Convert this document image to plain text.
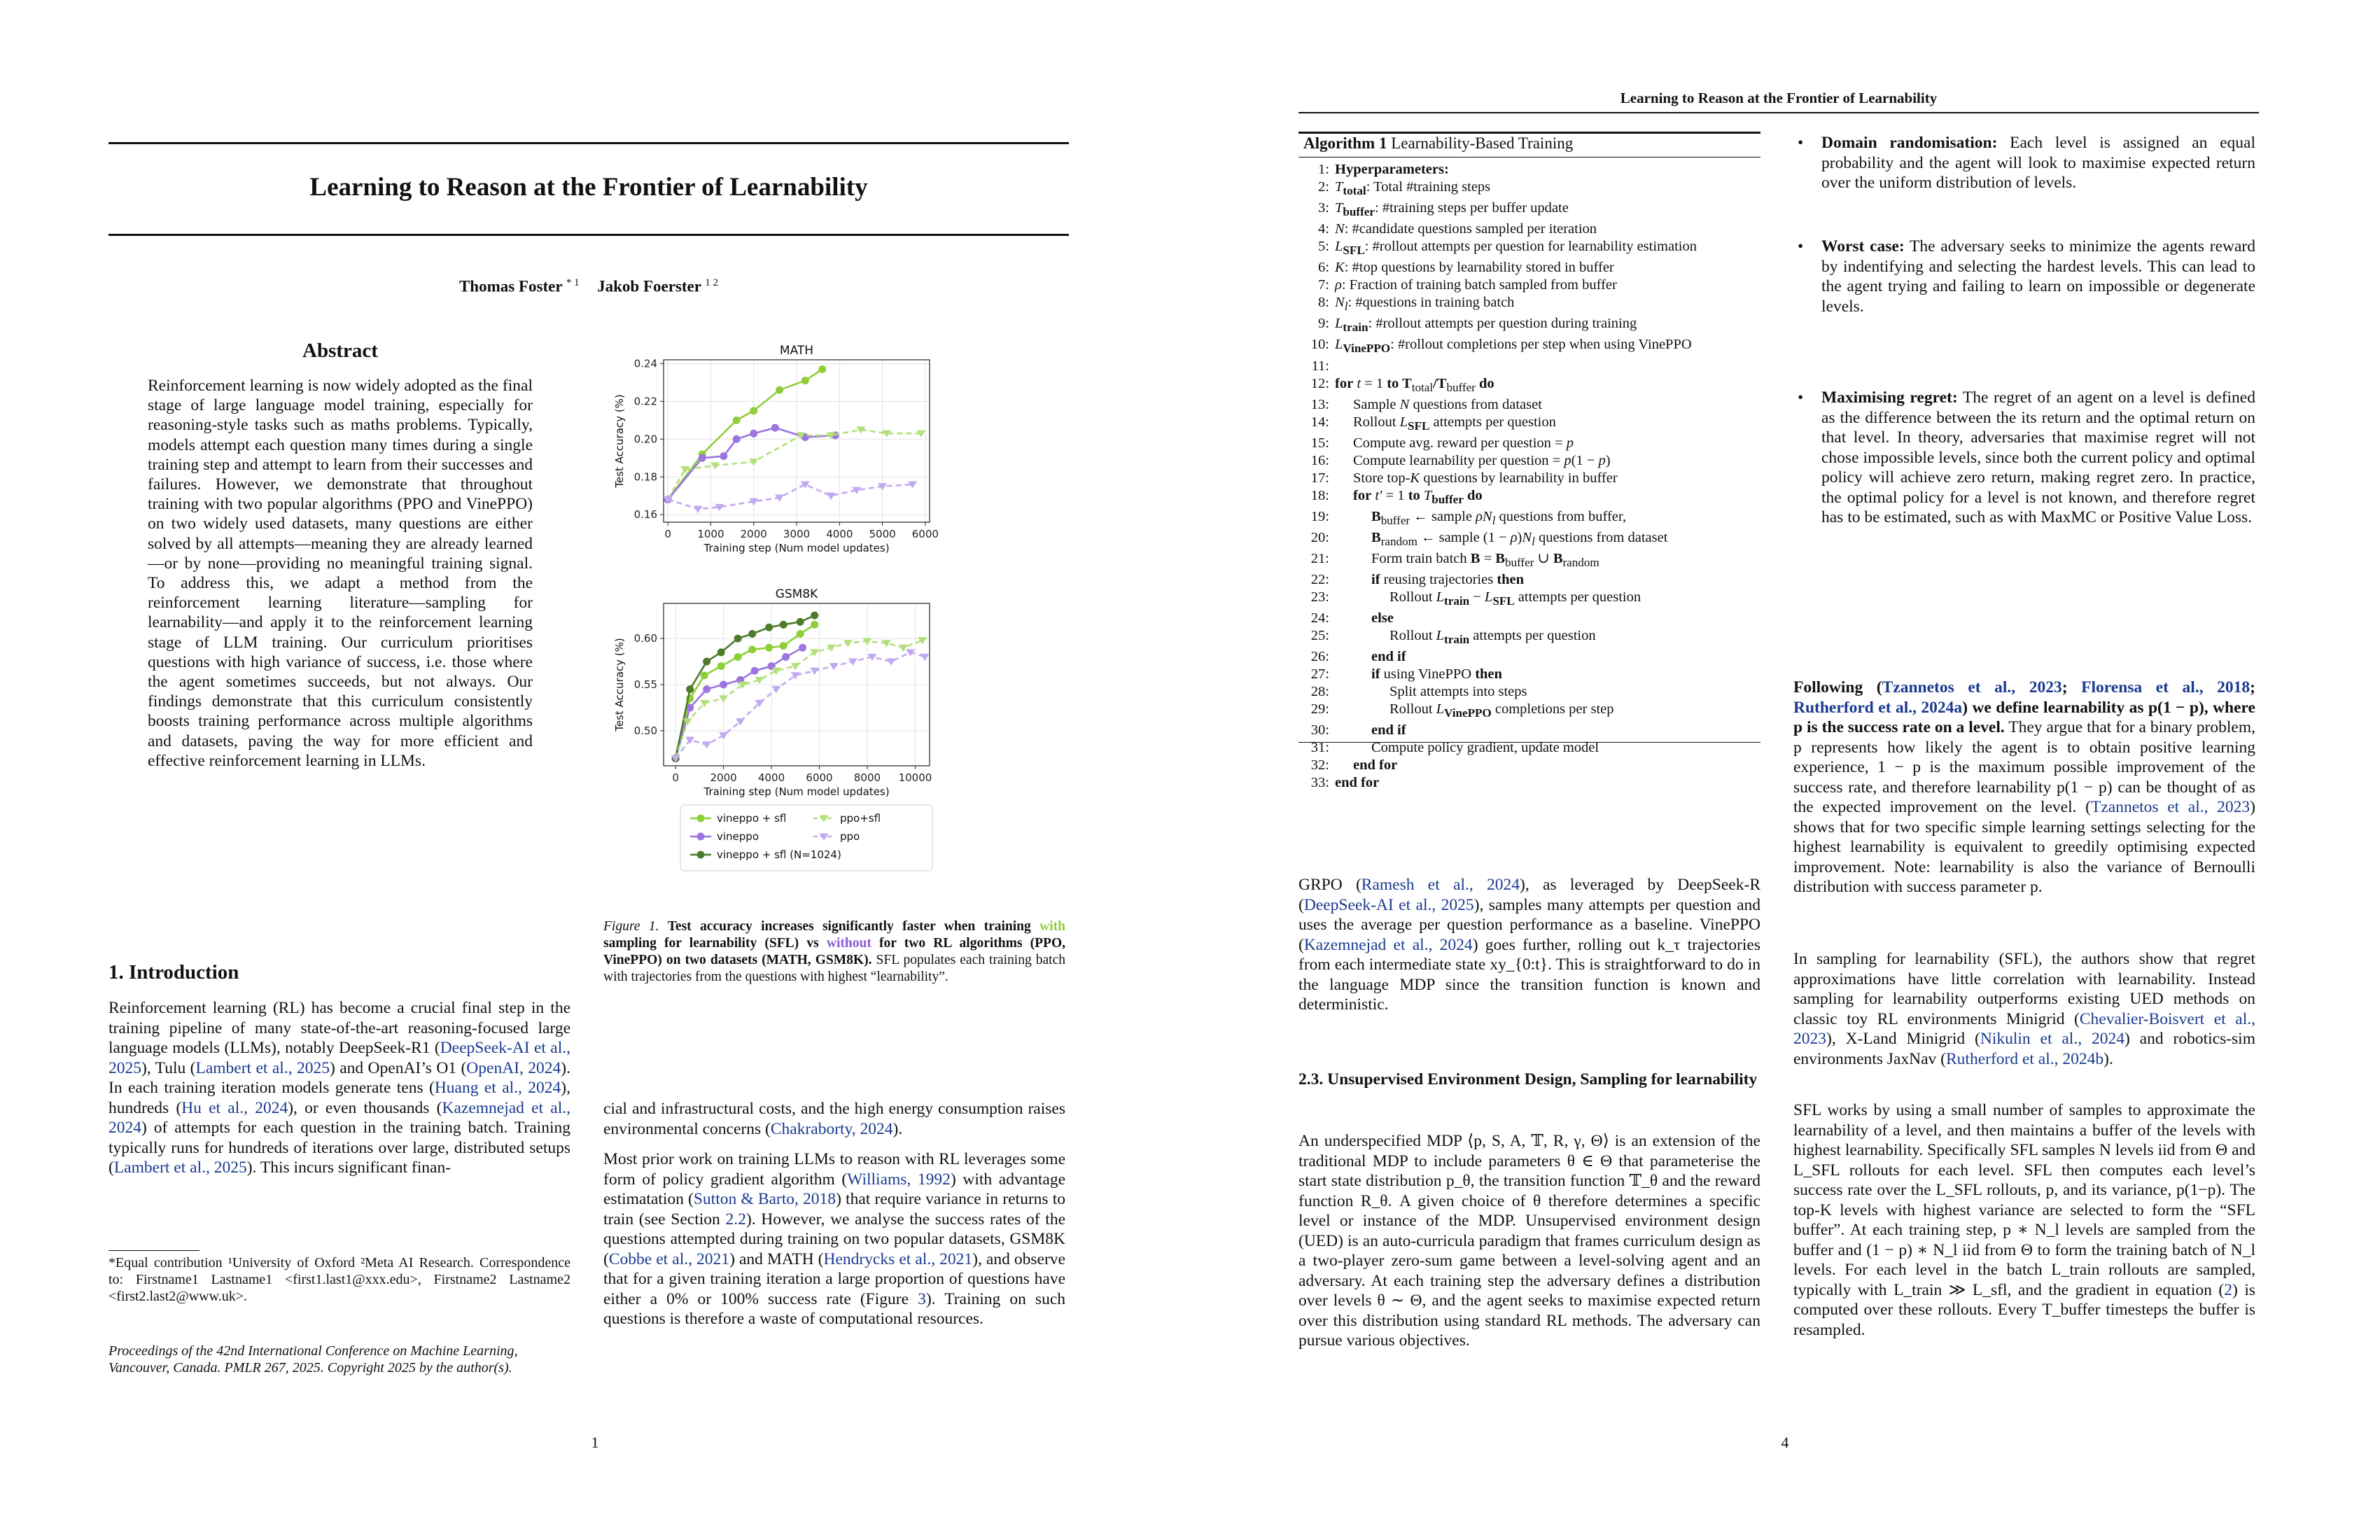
Learning to Reason at the Frontier of Learnability
Thomas Foster $^{* 1}$ Jakob Foerster $^{1 2}$
Abstract
Reinforcement learning is now widely adopted as the final stage of large language model training, especially for reasoning-style tasks such as maths problems. Typically, models attempt each question many times during a single training step and attempt to learn from their successes and failures. However, we demonstrate that throughout training with two popular algorithms (PPO and VinePPO) on two widely used datasets, many questions are either solved by all attempts—meaning they are already learned—or by none—providing no meaningful training signal. To address this, we adapt a method from the reinforcement learning literature—sampling for learnability—and apply it to the reinforcement learning stage of LLM training. Our curriculum prioritises questions with high variance of success, i.e. those where the agent sometimes succeeds, but not always. Our findings demonstrate that this curriculum consistently boosts training performance across multiple algorithms and datasets, paving the way for more efficient and effective reinforcement learning in LLMs.
1. Introduction
Reinforcement learning (RL) has become a crucial final step in the training pipeline of many state-of-the-art reasoning-focused large language models (LLMs), notably DeepSeek-R1 (DeepSeek-AI et al., 2025), Tulu (Lambert et al., 2025) and OpenAI’s O1 (OpenAI, 2024). In each training iteration models generate tens (Huang et al., 2024), hundreds (Hu et al., 2024), or even thousands (Kazemnejad et al., 2024) of attempts for each question in the training batch. Training typically runs for hundreds of iterations over large, distributed setups (Lambert et al., 2025). This incurs significant finan-
*Equal contribution ¹University of Oxford ²Meta AI Research. Correspondence to: Firstname1 Lastname1 <first1.last1@xxx.edu>, Firstname2 Lastname2 <first2.last2@www.uk>.
Proceedings of the 42nd International Conference on Machine Learning, Vancouver, Canada. PMLR 267, 2025. Copyright 2025 by the author(s).
0 1000 2000 3000 4000 5000 6000
0.16
0.18
0.20
0.22
0.24
MATH
Training step (Num model updates)
Test Accuracy (%)
0	2000 4000 6000 8000 10000
0.50
0.55
0.60
GSM8K
Training step (Num model updates)
Test Accuracy (%)
vineppo + sfl	ppo+sfl
vineppo	ppo
vineppo + sfl (N=1024)
Figure 1. Test accuracy increases significantly faster when training with sampling for learnability (SFL) vs without for two RL algorithms (PPO, VinePPO) on two datasets (MATH, GSM8K). SFL populates each training batch with trajectories from the questions with highest “learnability”.
cial and infrastructural costs, and the high energy consumption raises environmental concerns (Chakraborty, 2024).
Most prior work on training LLMs to reason with RL leverages some form of policy gradient algorithm (Williams, 1992) with advantage estimatation (Sutton & Barto, 2018) that require variance in returns to train (see Section 2.2). However, we analyse the success rates of the questions attempted during training on two popular datasets, GSM8K (Cobbe et al., 2021) and MATH (Hendrycks et al., 2021), and observe that for a given training iteration a large proportion of questions have either a 0% or 100% success rate (Figure 3). Training on such questions is therefore a waste of computational resources.
1
Learning to Reason at the Frontier of Learnability
Algorithm 1 Learnability-Based Training
1: Hyperparameters:
2: $T_{total}$: Total #training steps
3: $T_{buffer}$: #training steps per buffer update
4: N: #candidate questions sampled per iteration
5: $L_{SFL}$: #rollout attempts per question for learnability estimation
6: K: #top questions by learnability stored in buffer
7: ρ: Fraction of training batch sampled from buffer
8: $N_l$: #questions in training batch
9: $L_{train}$: #rollout attempts per question during training
10: $L_{VinePPO}$: #rollout completions per step when using VinePPO
11:

12: for t = 1 to $T_{total}/T_{buffer}$ do
13:	Sample N questions from dataset
14:	Rollout $L_{SFL}$ attempts per question
15:	Compute avg. reward per question = p
16:	Compute learnability per question = p(1 − p)
17:	Store top-K questions by learnability in buffer
18:	for t′ = 1 to $T_{buffer}$ do
19:	$B_{buffer}$ ← sample $\rho N_l$ questions from buffer,
20:	$B_{random}$ ← sample $(1 - \rho)N_l$ questions from dataset
21:	Form train batch $B = B_{buffer}$ ∪ $B_{random}$
22:	if reusing trajectories then
23:	Rollout $L_{train} - L_{SFL}$ attempts per question
24:	else
25:	Rollout $L_{train}$ attempts per question
26:	end if
27:	if using VinePPO then
28:	Split attempts into steps
29:	Rollout $L_{VinePPO}$ completions per step
30:	end if
31:	Compute policy gradient, update model
32:	end for
33: end for
GRPO (Ramesh et al., 2024), as leveraged by DeepSeek-R (DeepSeek-AI et al., 2025), samples many attempts per question and uses the average per question performance as a baseline. VinePPO (Kazemnejad et al., 2024) goes further, rolling out k_τ trajectories from each intermediate state xy_{0:t}. This is straightforward to do in the language MDP since the transition function is known and deterministic.
2.3. Unsupervised Environment Design, Sampling for learnability
An underspecified MDP ⟨p, S, A, 𝕋, R, γ, Θ⟩ is an extension of the traditional MDP to include parameters θ ∈ Θ that parameterise the start state distribution p_θ, the transition function 𝕋_θ and the reward function R_θ. A given choice of θ therefore determines a specific level or instance of the MDP. Unsupervised environment design (UED) is an auto-curricula paradigm that frames curriculum design as a two-player zero-sum game between a level-solving agent and an adversary. At each training step the adversary defines a distribution over levels θ ∼ Θ, and the agent seeks to maximise expected return over this distribution using standard RL methods. The adversary can pursue various objectives.
•	Domain randomisation: Each level is assigned an equal probability and the agent will look to maximise expected return over the uniform distribution of levels.
•	Worst case: The adversary seeks to minimize the agents reward by indentifying and selecting the hardest levels. This can lead to the agent trying and failing to learn on impossible or degenerate levels.
•	Maximising regret: The regret of an agent on a level is defined as the difference between the its return and the optimal return on that level. In theory, adversaries that maximise regret will not chose impossible levels, since both the current policy and optimal policy will achieve zero return, making regret zero. In practice, the optimal policy for a level is not known, and therefore regret has to be estimated, such as with MaxMC or Positive Value Loss.
Following (Tzannetos et al., 2023; Florensa et al., 2018; Rutherford et al., 2024a) we define learnability as p(1 − p), where p is the success rate on a level. They argue that for a binary problem, p represents how likely the agent is to obtain positive learning experience, 1 − p is the maximum possible improvement of the success rate, and therefore learnability p(1 − p) can be thought of as the expected improvement on the level. (Tzannetos et al., 2023) shows that for two specific simple learning settings selecting for the highest learnability is equivalent to greedily optimising expected improvement. Note: learnability is also the variance of Bernoulli distribution with success parameter p.
In sampling for learnability (SFL), the authors show that regret approximations have little correlation with learnability. Instead sampling for learnability outperforms existing UED methods on classic toy RL environments Minigrid (Chevalier-Boisvert et al., 2023), X-Land Minigrid (Nikulin et al., 2024) and robotics-sim environments JaxNav (Rutherford et al., 2024b).
SFL works by using a small number of samples to approximate the learnability of a level, and then maintains a buffer of the levels with highest learnability. Specifically SFL samples N levels iid from Θ and L_SFL rollouts for each level. SFL then computes each level’s success rate over the L_SFL rollouts, p, and its variance, p(1−p). The top-K levels with highest variance are selected to form the “SFL buffer”. At each training step, p ∗ N_l levels are sampled from the buffer and (1 − p) ∗ N_l iid from Θ to form the training batch of N_l levels. For each level in the batch L_train rollouts are sampled, typically with L_train ≫ L_sfl, and the gradient in equation (2) is computed over these rollouts. Every T_buffer timesteps the buffer is resampled.
4
